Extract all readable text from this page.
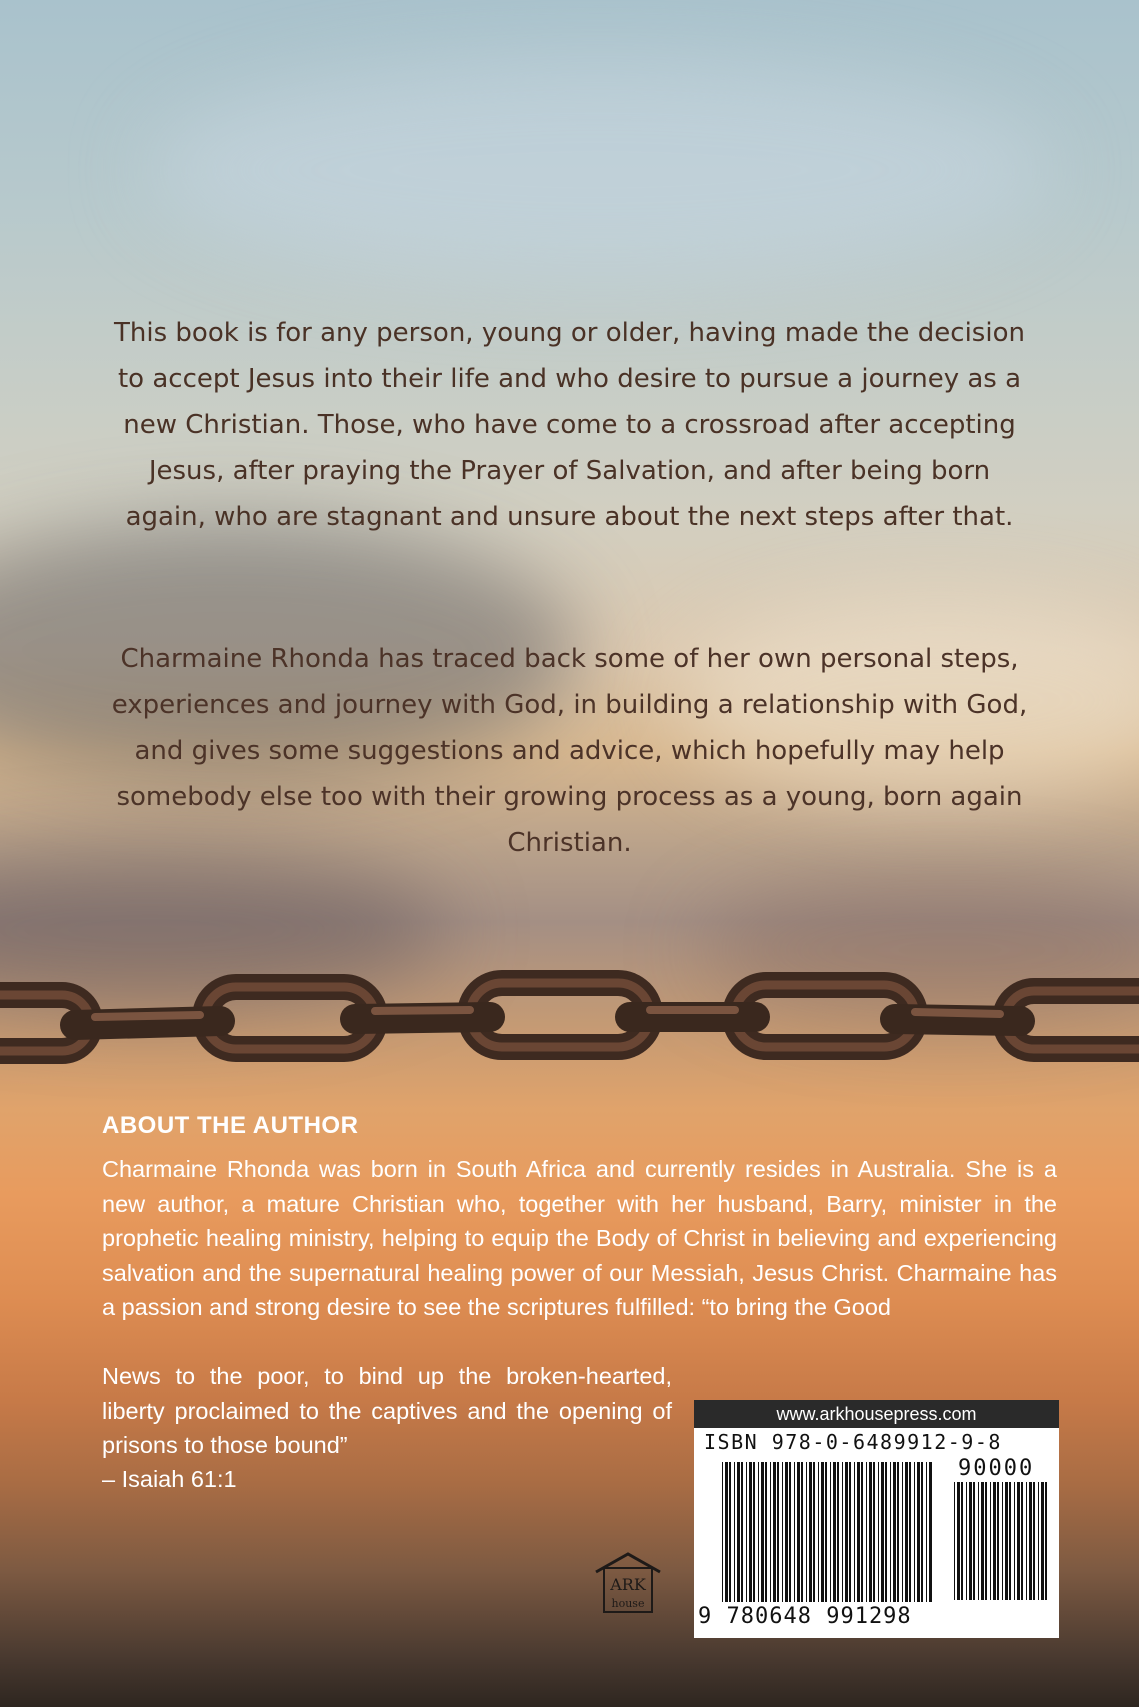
This book is for any person, young or older, having made the decision to accept Jesus into their life and who desire to pursue a journey as a new Christian. Those, who have come to a crossroad after accepting Jesus, after praying the Prayer of Salvation, and after being born again, who are stagnant and unsure about the next steps after that.

Charmaine Rhonda has traced back some of her own personal steps, experiences and journey with God, in building a relationship with God, and gives some suggestions and advice, which hopefully may help somebody else too with their growing process as a young, born again Christian.

ABOUT THE AUTHOR

Charmaine Rhonda was born in South Africa and currently resides in Australia. She is a new author, a mature Christian who, together with her husband, Barry, minister in the prophetic healing ministry, helping to equip the Body of Christ in believing and experiencing salvation and the supernatural healing power of our Messiah, Jesus Christ. Charmaine has a passion and strong desire to see the scriptures fulfilled: “to bring the Good

News to the poor, to bind up the broken-hearted, liberty proclaimed to the captives and the opening of prisons to those bound”

– Isaiah 61:1
ARK
house
www.arkhousepress.com
ISBN 978-0-6489912-9-8
90000
9 780648 991298
